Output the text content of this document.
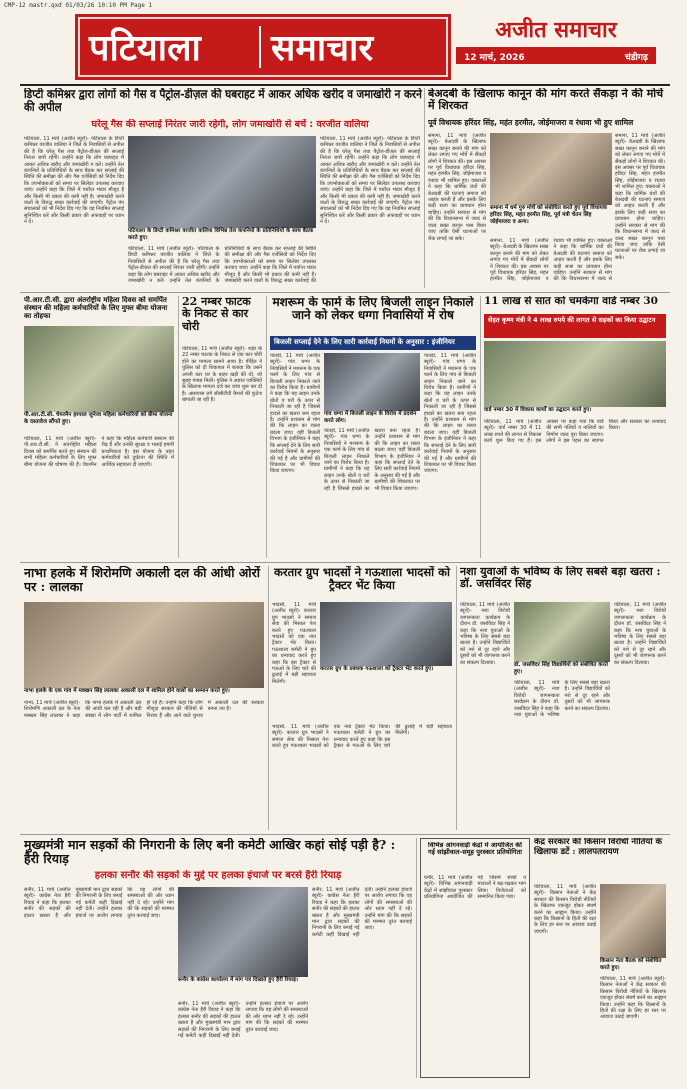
CMP-12 mastr.qxd 01/03/26 10:10 PM Page 1
पटियाला समाचार	अजीत समाचार
12 मार्च, 2026	चंडीगढ़
डिप्टी कमिश्नर द्वारा लोगों को गैस व पैट्रोल-डीज़ल की घबराहट में आकर अधिक खरीद व जमाखोरी न करने की अपील
घरेलू गैस की सप्लाई निरंतर जारी रहेगी, लोग जमाखोरी से बचें : वरजीत वालिया
पटियाला, 11 मार्च (अजीत ब्यूरो)- पटियाला के डिप्टी कमिश्नर वरजीत वालिया ने जिले के निवासियों से अपील की है कि घरेलू गैस तथा पैट्रोल-डीज़ल की सप्लाई निरंतर जारी रहेगी। उन्होंने कहा कि लोग घबराहट में आकर अधिक खरीद और जमाखोरी न करें। उन्होंने तेल कंपनियों के प्रतिनिधियों के साथ बैठक कर सप्लाई की स्थिति की समीक्षा की और गैस एजेंसियों को निर्देश दिए कि उपभोक्ताओं को समय पर सिलेंडर उपलब्ध करवाए जाएं। उन्होंने कहा कि जिले में पर्याप्त भंडार मौजूद है और किसी भी प्रकार की कमी नहीं है। जमाखोरी करने वालों के विरुद्ध सख्त कार्रवाई की जाएगी। पैट्रोल पंप संचालकों को भी निर्देश दिए गए कि वह नियमित सप्लाई सुनिश्चित करें और किसी प्रकार की अफवाहों पर ध्यान न दें।
पटियाला के डिप्टी कमिश्नर वरजीत वालिया विभिन्न तेल कंपनियों के प्रतिनिधियों के साथ बैठक करते हुए।
पटियाला, 11 मार्च (अजीत ब्यूरो)- पटियाला के डिप्टी कमिश्नर वरजीत वालिया ने जिले के निवासियों से अपील की है कि घरेलू गैस तथा पैट्रोल-डीज़ल की सप्लाई निरंतर जारी रहेगी। उन्होंने कहा कि लोग घबराहट में आकर अधिक खरीद और जमाखोरी न करें। उन्होंने तेल कंपनियों के प्रतिनिधियों के साथ बैठक कर सप्लाई की स्थिति की समीक्षा की और गैस एजेंसियों को निर्देश दिए कि उपभोक्ताओं को समय पर सिलेंडर उपलब्ध करवाए जाएं। उन्होंने कहा कि जिले में पर्याप्त भंडार मौजूद है और किसी भी प्रकार की कमी नहीं है। जमाखोरी करने वालों के विरुद्ध सख्त कार्रवाई की
पटियाला, 11 मार्च (अजीत ब्यूरो)- पटियाला के डिप्टी कमिश्नर वरजीत वालिया ने जिले के निवासियों से अपील की है कि घरेलू गैस तथा पैट्रोल-डीज़ल की सप्लाई निरंतर जारी रहेगी। उन्होंने कहा कि लोग घबराहट में आकर अधिक खरीद और जमाखोरी न करें। उन्होंने तेल कंपनियों के प्रतिनिधियों के साथ बैठक कर सप्लाई की स्थिति की समीक्षा की और गैस एजेंसियों को निर्देश दिए कि उपभोक्ताओं को समय पर सिलेंडर उपलब्ध करवाए जाएं। उन्होंने कहा कि जिले में पर्याप्त भंडार मौजूद है और किसी भी प्रकार की कमी नहीं है। जमाखोरी करने वालों के विरुद्ध सख्त कार्रवाई की जाएगी। पैट्रोल पंप संचालकों को भी निर्देश दिए गए कि वह नियमित सप्लाई सुनिश्चित करें और किसी प्रकार की अफवाहों पर ध्यान न दें।
बेअदबी के खिलाफ कानून की मांग करते सैंकड़ा ने की मोर्चे में शिरकत
पूर्व विधायक हरिंदर सिंह, महंत हरमीत, जोईमाजरा व रंधावा भी हुए शामिल
समाना, 11 मार्च (अजीत ब्यूरो)- बेअदबी के खिलाफ सख्त कानून बनाने की मांग को लेकर लगाए गए मोर्चे में सैंकड़ों लोगों ने शिरकत की। इस अवसर पर पूर्व विधायक हरिंदर सिंह, महंत हरमीत सिंह, जोईमाजरा व रंधावा भी शामिल हुए। वक्ताओं ने कहा कि धार्मिक ग्रंथों की बेअदबी की घटनाएं समाज को आहत करती हैं और इसके लिए कड़ी सजा का प्रावधान होना चाहिए। उन्होंने सरकार से मांग की कि विधानसभा में जल्द से जल्द सख्त कानून पास किया जाए ताकि ऐसी घटनाओं पर रोक लगाई जा सके।
समाना में धर्म गुरु मोर्चे को संबोधित करते हुए पूर्व विधायक हरिंदर सिंह, महंत हरमीत सिंह, पूर्व मंत्री चेतन सिंह जोईमाजरा व अन्य।
समाना, 11 मार्च (अजीत ब्यूरो)- बेअदबी के खिलाफ सख्त कानून बनाने की मांग को लेकर लगाए गए मोर्चे में सैंकड़ों लोगों ने शिरकत की। इस अवसर पर पूर्व विधायक हरिंदर सिंह, महंत हरमीत सिंह, जोईमाजरा व रंधावा भी शामिल हुए। वक्ताओं ने कहा कि धार्मिक ग्रंथों की बेअदबी की घटनाएं समाज को आहत करती हैं और इसके लिए कड़ी सजा का प्रावधान होना चाहिए। उन्होंने सरकार से मांग की कि विधानसभा में जल्द से
समाना, 11 मार्च (अजीत ब्यूरो)- बेअदबी के खिलाफ सख्त कानून बनाने की मांग को लेकर लगाए गए मोर्चे में सैंकड़ों लोगों ने शिरकत की। इस अवसर पर पूर्व विधायक हरिंदर सिंह, महंत हरमीत सिंह, जोईमाजरा व रंधावा भी शामिल हुए। वक्ताओं ने कहा कि धार्मिक ग्रंथों की बेअदबी की घटनाएं समाज को आहत करती हैं और इसके लिए कड़ी सजा का प्रावधान होना चाहिए। उन्होंने सरकार से मांग की कि विधानसभा में जल्द से जल्द सख्त कानून पास किया जाए ताकि ऐसी घटनाओं पर रोक लगाई जा सके।
पी.आर.टी.सी. द्वारा अंतर्राष्ट्रीय महिला दिवस को समर्पित संस्थान की महिला कर्मचारियों के लिए मुफ्त बीमा योजना का तोहफा
पी.आर.टी.सी. चेयरमैन हरपाल जुनेजा महिला कर्मचारियों को बीमा योजना के दस्तावेज सौंपते हुए।
पटियाला, 11 मार्च (अजीत ब्यूरो)- पी.आर.टी.सी. ने अंतर्राष्ट्रीय महिला दिवस को समर्पित करते हुए संस्थान की सभी महिला कर्मचारियों के लिए मुफ्त बीमा योजना की घोषणा की है। चेयरमैन ने कहा कि महिला कर्मचारी संस्थान की रीढ़ हैं और उनकी सुरक्षा व भलाई हमारी प्राथमिकता है। इस योजना के तहत कर्मचारियों को दुर्घटना की स्थिति में आर्थिक सहायता दी जाएगी।
22 नम्बर फाटक के निकट से कार चोरी
पटियाला, 11 मार्च (अजीत ब्यूरो)- शहर के 22 नम्बर फाटक के निकट से एक कार चोरी होने का मामला सामने आया है। पीड़ित ने पुलिस को दी शिकायत में बताया कि उसने अपनी कार घर के बाहर खड़ी की थी, जो सुबह गायब मिली। पुलिस ने अज्ञात व्यक्तियों के खिलाफ मामला दर्ज कर जांच शुरू कर दी है। आसपास लगे सीसीटीवी कैमरों की फुटेज खंगाली जा रही है।
मशरूम के फार्म के लिए बिजली लाइन निकाले जाने को लेकर धग्गा निवासियों में रोष
बिजली सप्लाई देने के लिए सारी कार्रवाई नियमों के अनुसार : इंजीनियर
पातड़ां, 11 मार्च (अजीत ब्यूरो)- गांव धग्गा के निवासियों ने मशरूम के एक फार्म के लिए गांव से बिजली लाइन निकाले जाने का विरोध किया है। ग्रामीणों ने कहा कि यह लाइन उनके खेतों व घरों के ऊपर से निकाली जा रही है जिससे हादसे का खतरा बना रहता है। उन्होंने प्रशासन से मांग की कि लाइन का रास्ता बदला जाए। वहीं बिजली विभाग के इंजीनियर ने कहा कि सप्लाई देने के लिए सारी कार्रवाई नियमों के अनुसार की गई है और ग्रामीणों की शिकायत पर भी विचार किया जाएगा।
गांव धग्गा में बिजली लाइन के विरोध में प्रदर्शन करते लोग।
पातड़ां, 11 मार्च (अजीत ब्यूरो)- गांव धग्गा के निवासियों ने मशरूम के एक फार्म के लिए गांव से बिजली लाइन निकाले जाने का विरोध किया है। ग्रामीणों ने कहा कि यह लाइन उनके खेतों व घरों के ऊपर से निकाली जा रही है जिससे हादसे का खतरा बना रहता है। उन्होंने प्रशासन से मांग की कि लाइन का रास्ता बदला जाए। वहीं बिजली विभाग के इंजीनियर ने कहा कि सप्लाई देने के लिए सारी कार्रवाई नियमों के अनुसार की गई है और ग्रामीणों की शिकायत पर भी विचार किया जाएगा।
पातड़ां, 11 मार्च (अजीत ब्यूरो)- गांव धग्गा के निवासियों ने मशरूम के एक फार्म के लिए गांव से बिजली लाइन निकाले जाने का विरोध किया है। ग्रामीणों ने कहा कि यह लाइन उनके खेतों व घरों के ऊपर से निकाली जा रही है जिससे हादसे का खतरा बना रहता है। उन्होंने प्रशासन से मांग की कि लाइन का रास्ता बदला जाए। वहीं बिजली विभाग के इंजीनियर ने कहा कि सप्लाई देने के लिए सारी कार्रवाई नियमों के अनुसार की गई है और ग्रामीणों की शिकायत पर भी विचार किया जाएगा।
11 लाख से सात को चमकेगा वार्ड नम्बर 30
सेहत कृष्ण मंत्री ने 4 लाख रुपये की लागत से सड़कों का किया उद्घाटन
वार्ड नम्बर 30 में विकास कार्यों का उद्घाटन करते हुए।
पटियाला, 11 मार्च (अजीत ब्यूरो)- वार्ड नम्बर 30 में 11 लाख रुपये की लागत से विकास कार्य शुरू किए गए हैं। इस अवसर पर कहा गया कि वार्ड की सभी गलियों व नालियों का निर्माण जल्द पूरा किया जाएगा। लोगों ने इस पहल का स्वागत किया और सरकार का धन्यवाद किया।
नाभा हलके में शिरोमणि अकाली दल की आंधी ओरों पर : लालका
नाभा हलके के एक गांव में मक्खन सिंह लालका अकाली दल में शामिल होने वालों का सम्मान करते हुए।
नाभा, 11 मार्च (अजीत ब्यूरो)- शिरोमणि अकाली दल के नेता मक्खन सिंह लालका ने कहा कि नाभा हलके में अकाली दल की आंधी चल रही है और बड़ी संख्या में लोग पार्टी में शामिल हो रहे हैं। उन्होंने कहा कि लोग मौजूदा सरकार की नीतियों से निराश हैं और आने वाले चुनाव में अकाली दल की सरकार बनना तय है।
करतार ग्रुप भादसों ने गऊशाला भादसों को ट्रैक्टर भेंट किया
भादसों, 11 मार्च (अजीत ब्यूरो)- करतार ग्रुप भादसों ने समाज सेवा की मिसाल पेश करते हुए गऊशाला भादसों को एक नया ट्रैक्टर भेंट किया। गऊशाला कमेटी ने ग्रुप का धन्यवाद करते हुए कहा कि इस ट्रैक्टर से गऊओं के लिए चारे की ढुलाई में बड़ी सहायता मिलेगी।
करतार ग्रुप के प्रबंधक गऊशाला को ट्रैक्टर भेंट करते हुए।
भादसों, 11 मार्च (अजीत ब्यूरो)- करतार ग्रुप भादसों ने समाज सेवा की मिसाल पेश करते हुए गऊशाला भादसों को एक नया ट्रैक्टर भेंट किया। गऊशाला कमेटी ने ग्रुप का धन्यवाद करते हुए कहा कि इस ट्रैक्टर से गऊओं के लिए चारे की ढुलाई में बड़ी सहायता मिलेगी।
नशा युवाओं के भविष्य के लिए सबसे बड़ा खतरा : डॉ. जसविंदर सिंह
पटियाला, 11 मार्च (अजीत ब्यूरो)- नशा विरोधी जागरूकता कार्यक्रम के दौरान डॉ. जसविंदर सिंह ने कहा कि नशा युवाओं के भविष्य के लिए सबसे बड़ा खतरा है। उन्होंने विद्यार्थियों को नशे से दूर रहने और दूसरों को भी जागरूक करने का संकल्प दिलाया।	डॉ. जसविंदर सिंह विद्यार्थियों को संबोधित करते हुए।
पटियाला, 11 मार्च (अजीत ब्यूरो)- नशा विरोधी जागरूकता कार्यक्रम के दौरान डॉ. जसविंदर सिंह ने कहा कि नशा युवाओं के भविष्य के लिए सबसे बड़ा खतरा है। उन्होंने विद्यार्थियों को नशे से दूर रहने और दूसरों को भी जागरूक करने का संकल्प दिलाया।
पटियाला, 11 मार्च (अजीत ब्यूरो)- नशा विरोधी जागरूकता कार्यक्रम के दौरान डॉ. जसविंदर सिंह ने कहा कि नशा युवाओं के भविष्य के लिए सबसे बड़ा खतरा है। उन्होंने विद्यार्थियों को नशे से दूर रहने और दूसरों को भी जागरूक करने का संकल्प दिलाया।
मुख्यमंत्री मान सड़कों की निगरानी के लिए बनी कमेटी आखिर कहां सोई पड़ी है? : हैरी रियाड़
हलका सनौर की सड़कों के मुद्दे पर हलका इंचार्ज पर बरसे हैरी रियाड़
सनौर, 11 मार्च (अजीत ब्यूरो)- कांग्रेस नेता हैरी रियाड़ ने कहा कि हलका सनौर की सड़कों की हालत खस्ता है और मुख्यमंत्री मान द्वारा सड़कों की निगरानी के लिए बनाई गई कमेटी कहीं दिखाई नहीं देती। उन्होंने हलका इंचार्ज पर आरोप लगाया कि वह लोगों की समस्याओं की ओर ध्यान नहीं दे रहे। उन्होंने मांग की कि सड़कों की मरम्मत तुरंत करवाई जाए।
सनौर के कांग्रेस कार्यालय में मांग पत्र दिखाते हुए हैरी रियाड़।
सनौर, 11 मार्च (अजीत ब्यूरो)- कांग्रेस नेता हैरी रियाड़ ने कहा कि हलका सनौर की सड़कों की हालत खस्ता है और मुख्यमंत्री मान द्वारा सड़कों की निगरानी के लिए बनाई गई कमेटी कहीं दिखाई नहीं देती। उन्होंने हलका इंचार्ज पर आरोप लगाया कि वह लोगों की समस्याओं की ओर ध्यान नहीं दे रहे। उन्होंने मांग की कि सड़कों की मरम्मत तुरंत करवाई जाए।
सनौर, 11 मार्च (अजीत ब्यूरो)- कांग्रेस नेता हैरी रियाड़ ने कहा कि हलका सनौर की सड़कों की हालत खस्ता है और मुख्यमंत्री मान द्वारा सड़कों की निगरानी के लिए बनाई गई कमेटी कहीं दिखाई नहीं देती। उन्होंने हलका इंचार्ज पर आरोप लगाया कि वह लोगों की समस्याओं की ओर ध्यान नहीं दे रहे। उन्होंने मांग की कि सड़कों की मरम्मत तुरंत करवाई जाए।
विभिन्न आंगनवाड़ी केंद्रों में आयोजित की गई सांझीवाल-समूह पुरस्कार प्रतियोगिता
घनौर, 11 मार्च (अजीत ब्यूरो)- विभिन्न आंगनवाड़ी केंद्रों में सांझीवाल पुरस्कार प्रतियोगिता आयोजित की गई जिसमें बच्चों व माताओं ने बढ़-चढ़कर भाग लिया। विजेताओं को सम्मानित किया गया।
केंद्र सरकार की किसान विरोधी नीतियों के खिलाफ डटें : लालपतरायण
किसान नेता बैठक को संबोधित करते हुए।
पटियाला, 11 मार्च (अजीत ब्यूरो)- किसान नेताओं ने केंद्र सरकार की किसान विरोधी नीतियों के खिलाफ एकजुट होकर संघर्ष करने का आह्वान किया। उन्होंने कहा कि किसानों के हितों की रक्षा के लिए हर स्तर पर आवाज उठाई जाएगी।
पटियाला, 11 मार्च (अजीत ब्यूरो)- किसान नेताओं ने केंद्र सरकार की किसान विरोधी नीतियों के खिलाफ एकजुट होकर संघर्ष करने का आह्वान किया। उन्होंने कहा कि किसानों के हितों की रक्षा के लिए हर स्तर पर आवाज उठाई जाएगी।
